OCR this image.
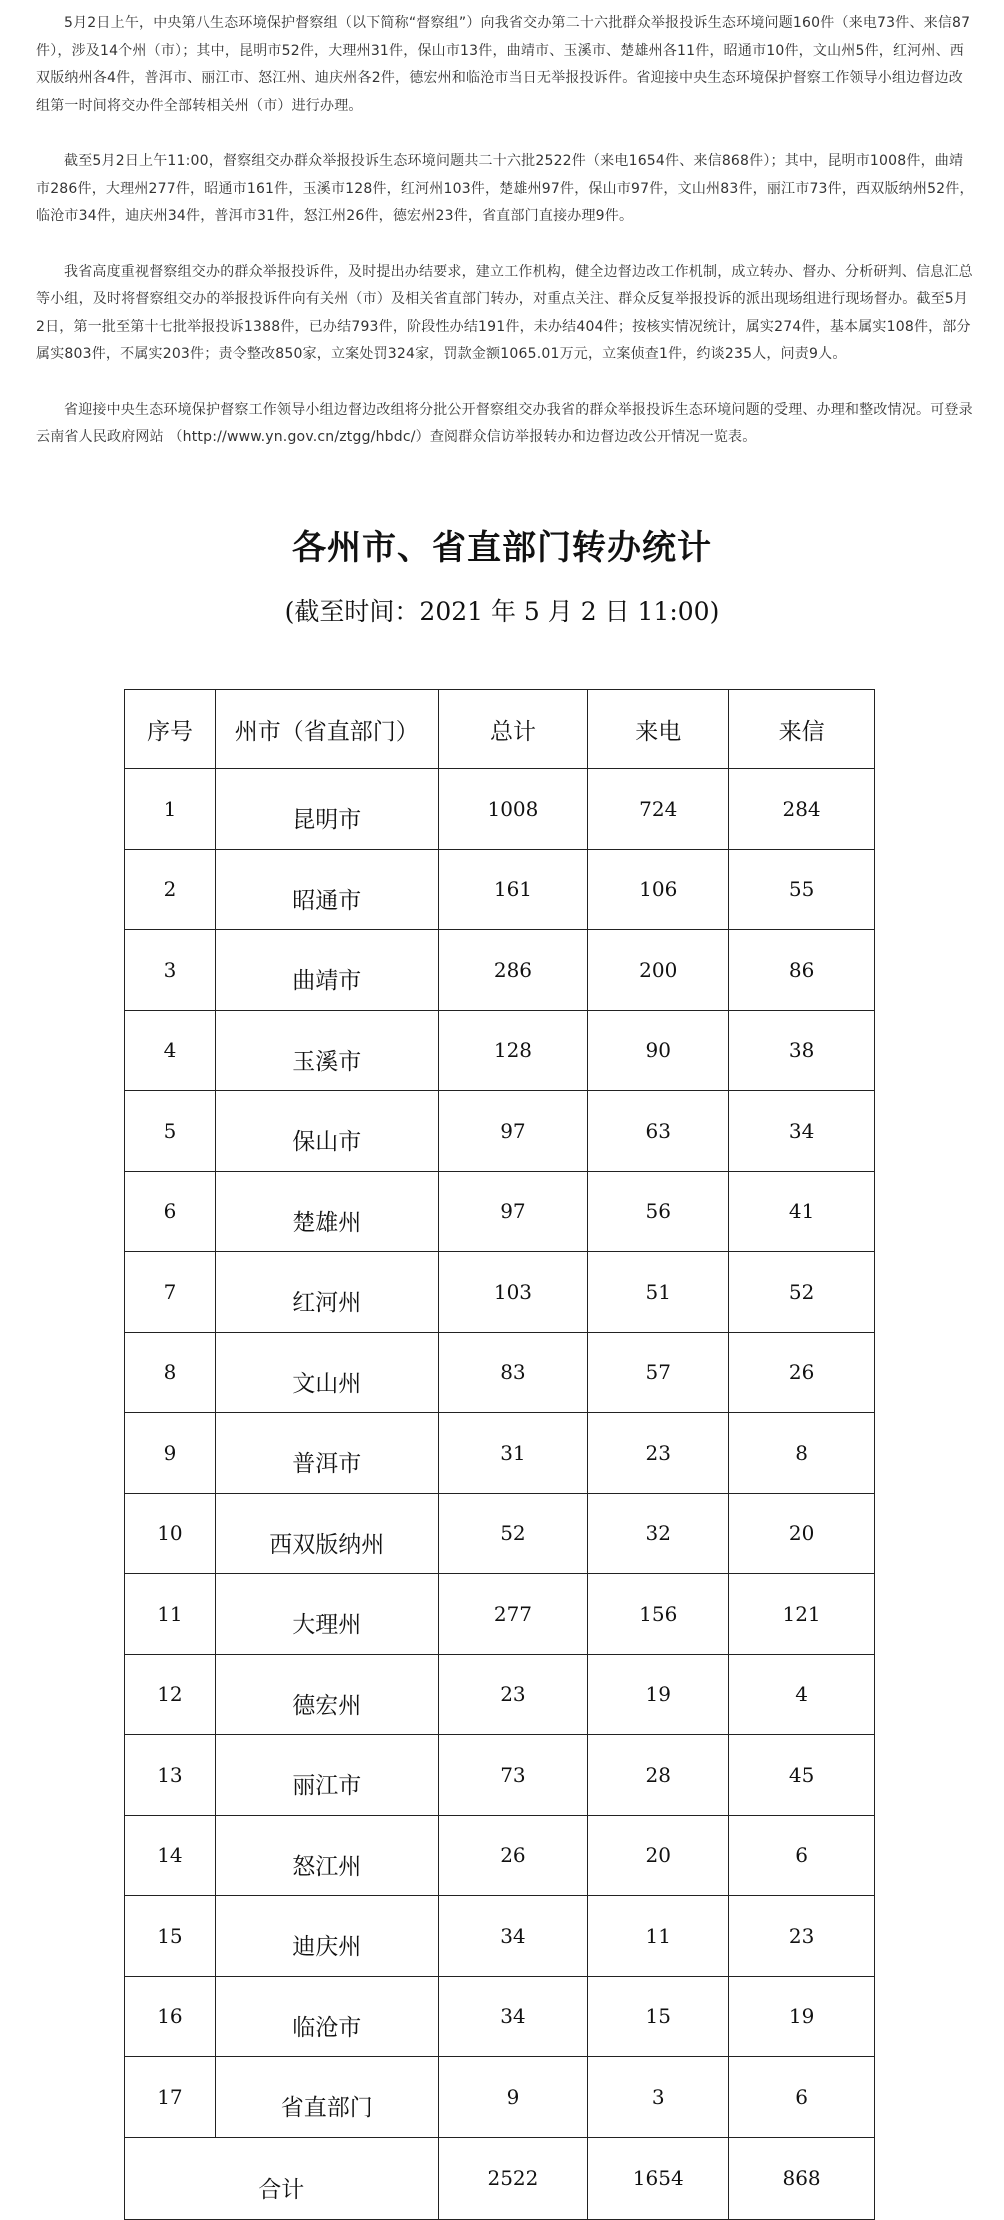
5月2日上午，中央第八生态环境保护督察组（以下简称“督察组”）向我省交办第二十六批群众举报投诉生态环境问题160件（来电73件、来信87件），涉及14个州（市）；其中，昆明市52件，大理州31件，保山市13件，曲靖市、玉溪市、楚雄州各11件，昭通市10件，文山州5件，红河州、西双版纳州各4件，普洱市、丽江市、怒江州、迪庆州各2件，德宏州和临沧市当日无举报投诉件。省迎接中央生态环境保护督察工作领导小组边督边改组第一时间将交办件全部转相关州（市）进行办理。

截至5月2日上午11:00，督察组交办群众举报投诉生态环境问题共二十六批2522件（来电1654件、来信868件）；其中，昆明市1008件，曲靖市286件，大理州277件，昭通市161件，玉溪市128件，红河州103件，楚雄州97件，保山市97件，文山州83件，丽江市73件，西双版纳州52件，临沧市34件，迪庆州34件，普洱市31件，怒江州26件，德宏州23件，省直部门直接办理9件。

我省高度重视督察组交办的群众举报投诉件，及时提出办结要求，建立工作机构，健全边督边改工作机制，成立转办、督办、分析研判、信息汇总等小组，及时将督察组交办的举报投诉件向有关州（市）及相关省直部门转办，对重点关注、群众反复举报投诉的派出现场组进行现场督办。截至5月2日，第一批至第十七批举报投诉1388件，已办结793件，阶段性办结191件，未办结404件；按核实情况统计，属实274件，基本属实108件，部分属实803件，不属实203件；责令整改850家，立案处罚324家，罚款金额1065.01万元，立案侦查1件，约谈235人，问责9人。

省迎接中央生态环境保护督察工作领导小组边督边改组将分批公开督察组交办我省的群众举报投诉生态环境问题的受理、办理和整改情况。可登录云南省人民政府网站 （http://www.yn.gov.cn/ztgg/hbdc/）查阅群众信访举报转办和边督边改公开情况一览表。

各州市、省直部门转办统计

(截至时间：2021 年 5 月 2 日 11:00)

序号	州市（省直部门）	总计	来电	来信
1	昆明市	1008	724	284
2	昭通市	161	106	55
3	曲靖市	286	200	86
4	玉溪市	128	90	38
5	保山市	97	63	34
6	楚雄州	97	56	41
7	红河州	103	51	52
8	文山州	83	57	26
9	普洱市	31	23	8
10	西双版纳州	52	32	20
11	大理州	277	156	121
12	德宏州	23	19	4
13	丽江市	73	28	45
14	怒江州	26	20	6
15	迪庆州	34	11	23
16	临沧市	34	15	19
17	省直部门	9	3	6
合计		2522	1654	868
